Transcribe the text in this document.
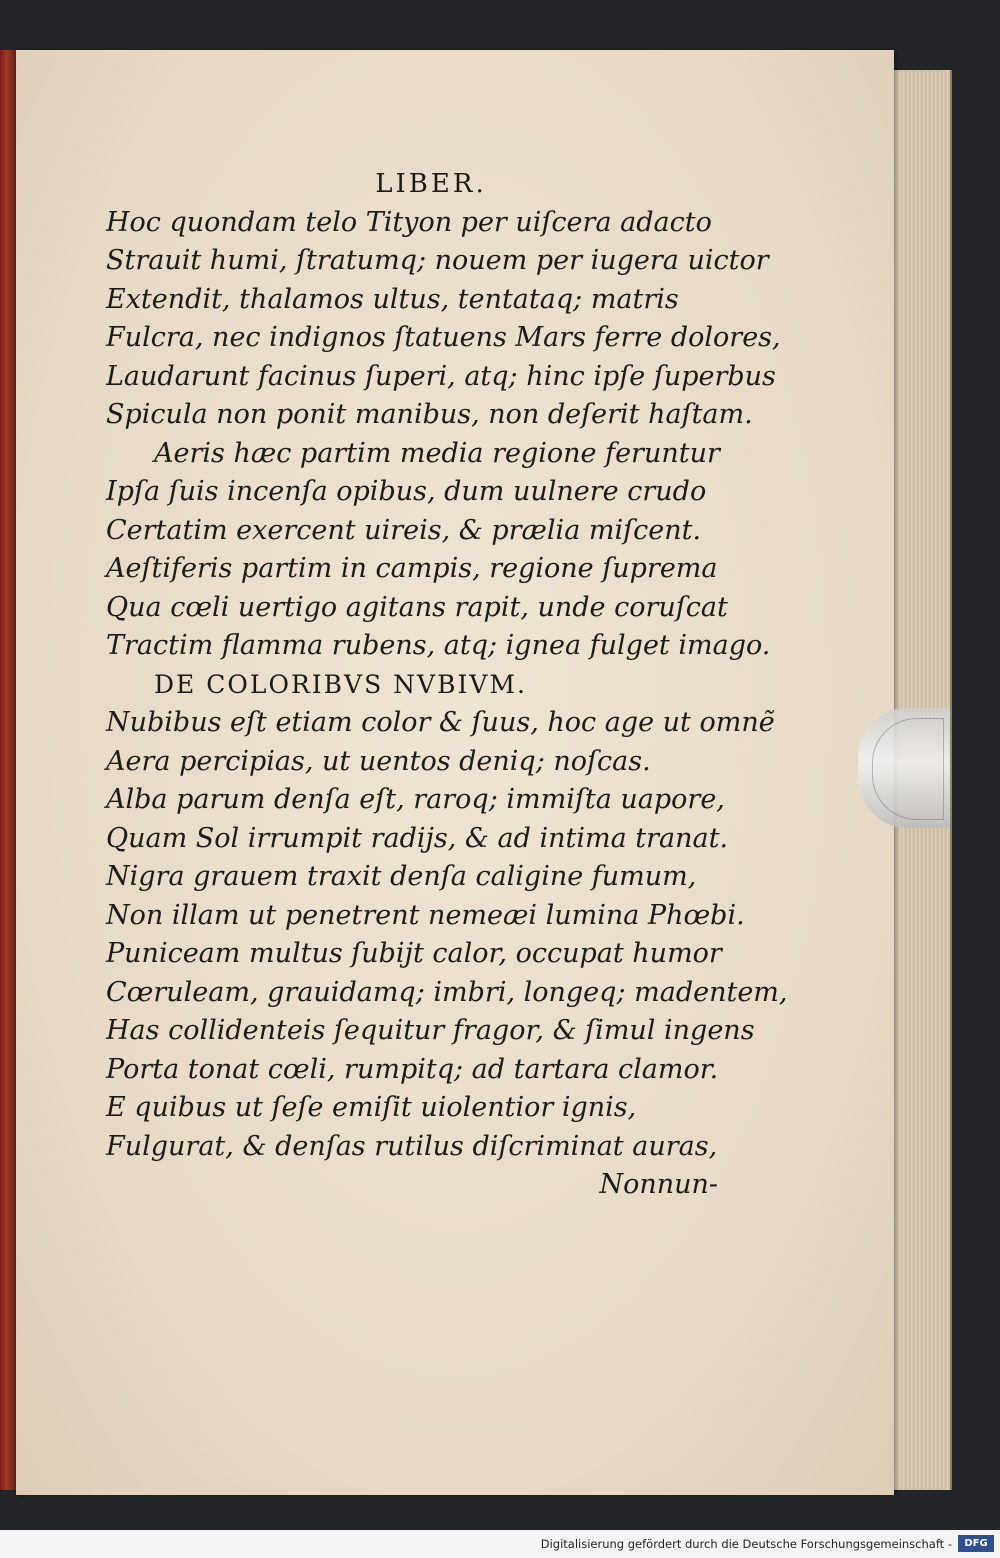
LIBER.
Hoc quondam telo Tityon per uiſcera adacto
Strauit humi, ſtratumq; nouem per iugera uictor
Extendit, thalamos ultus, tentataq; matris
Fulcra, nec indignos ſtatuens Mars ferre dolores,
Laudarunt facinus ſuperi, atq; hinc ipſe ſuperbus
Spicula non ponit manibus, non deſerit haſtam.
Aeris hæc partim media regione feruntur
Ipſa ſuis incenſa opibus, dum uulnere crudo
Certatim exercent uireis, & prælia miſcent.
Aeſtiferis partim in campis, regione ſuprema
Qua cœli uertigo agitans rapit, unde coruſcat
Tractim flamma rubens, atq; ignea fulget imago.
DE COLORIBVS NVBIVM.
Nubibus eſt etiam color & ſuus, hoc age ut omnẽ
Aera percipias, ut uentos deniq; noſcas.
Alba parum denſa eſt, raroq; immiſta uapore,
Quam Sol irrumpit radijs, & ad intima tranat.
Nigra grauem traxit denſa caligine fumum,
Non illam ut penetrent nemeæi lumina Phœbi.
Puniceam multus ſubijt calor, occupat humor
Cœruleam, grauidamq; imbri, longeq; madentem,
Has collidenteis ſequitur fragor, & ſimul ingens
Porta tonat cœli, rumpitq; ad tartara clamor.
E quibus ut ſeſe emiſit uiolentior ignis,
Fulgurat, & denſas rutilus diſcriminat auras,
Nonnun-
Digitalisierung gefördert durch die Deutsche Forschungsgemeinschaft -	DFG
